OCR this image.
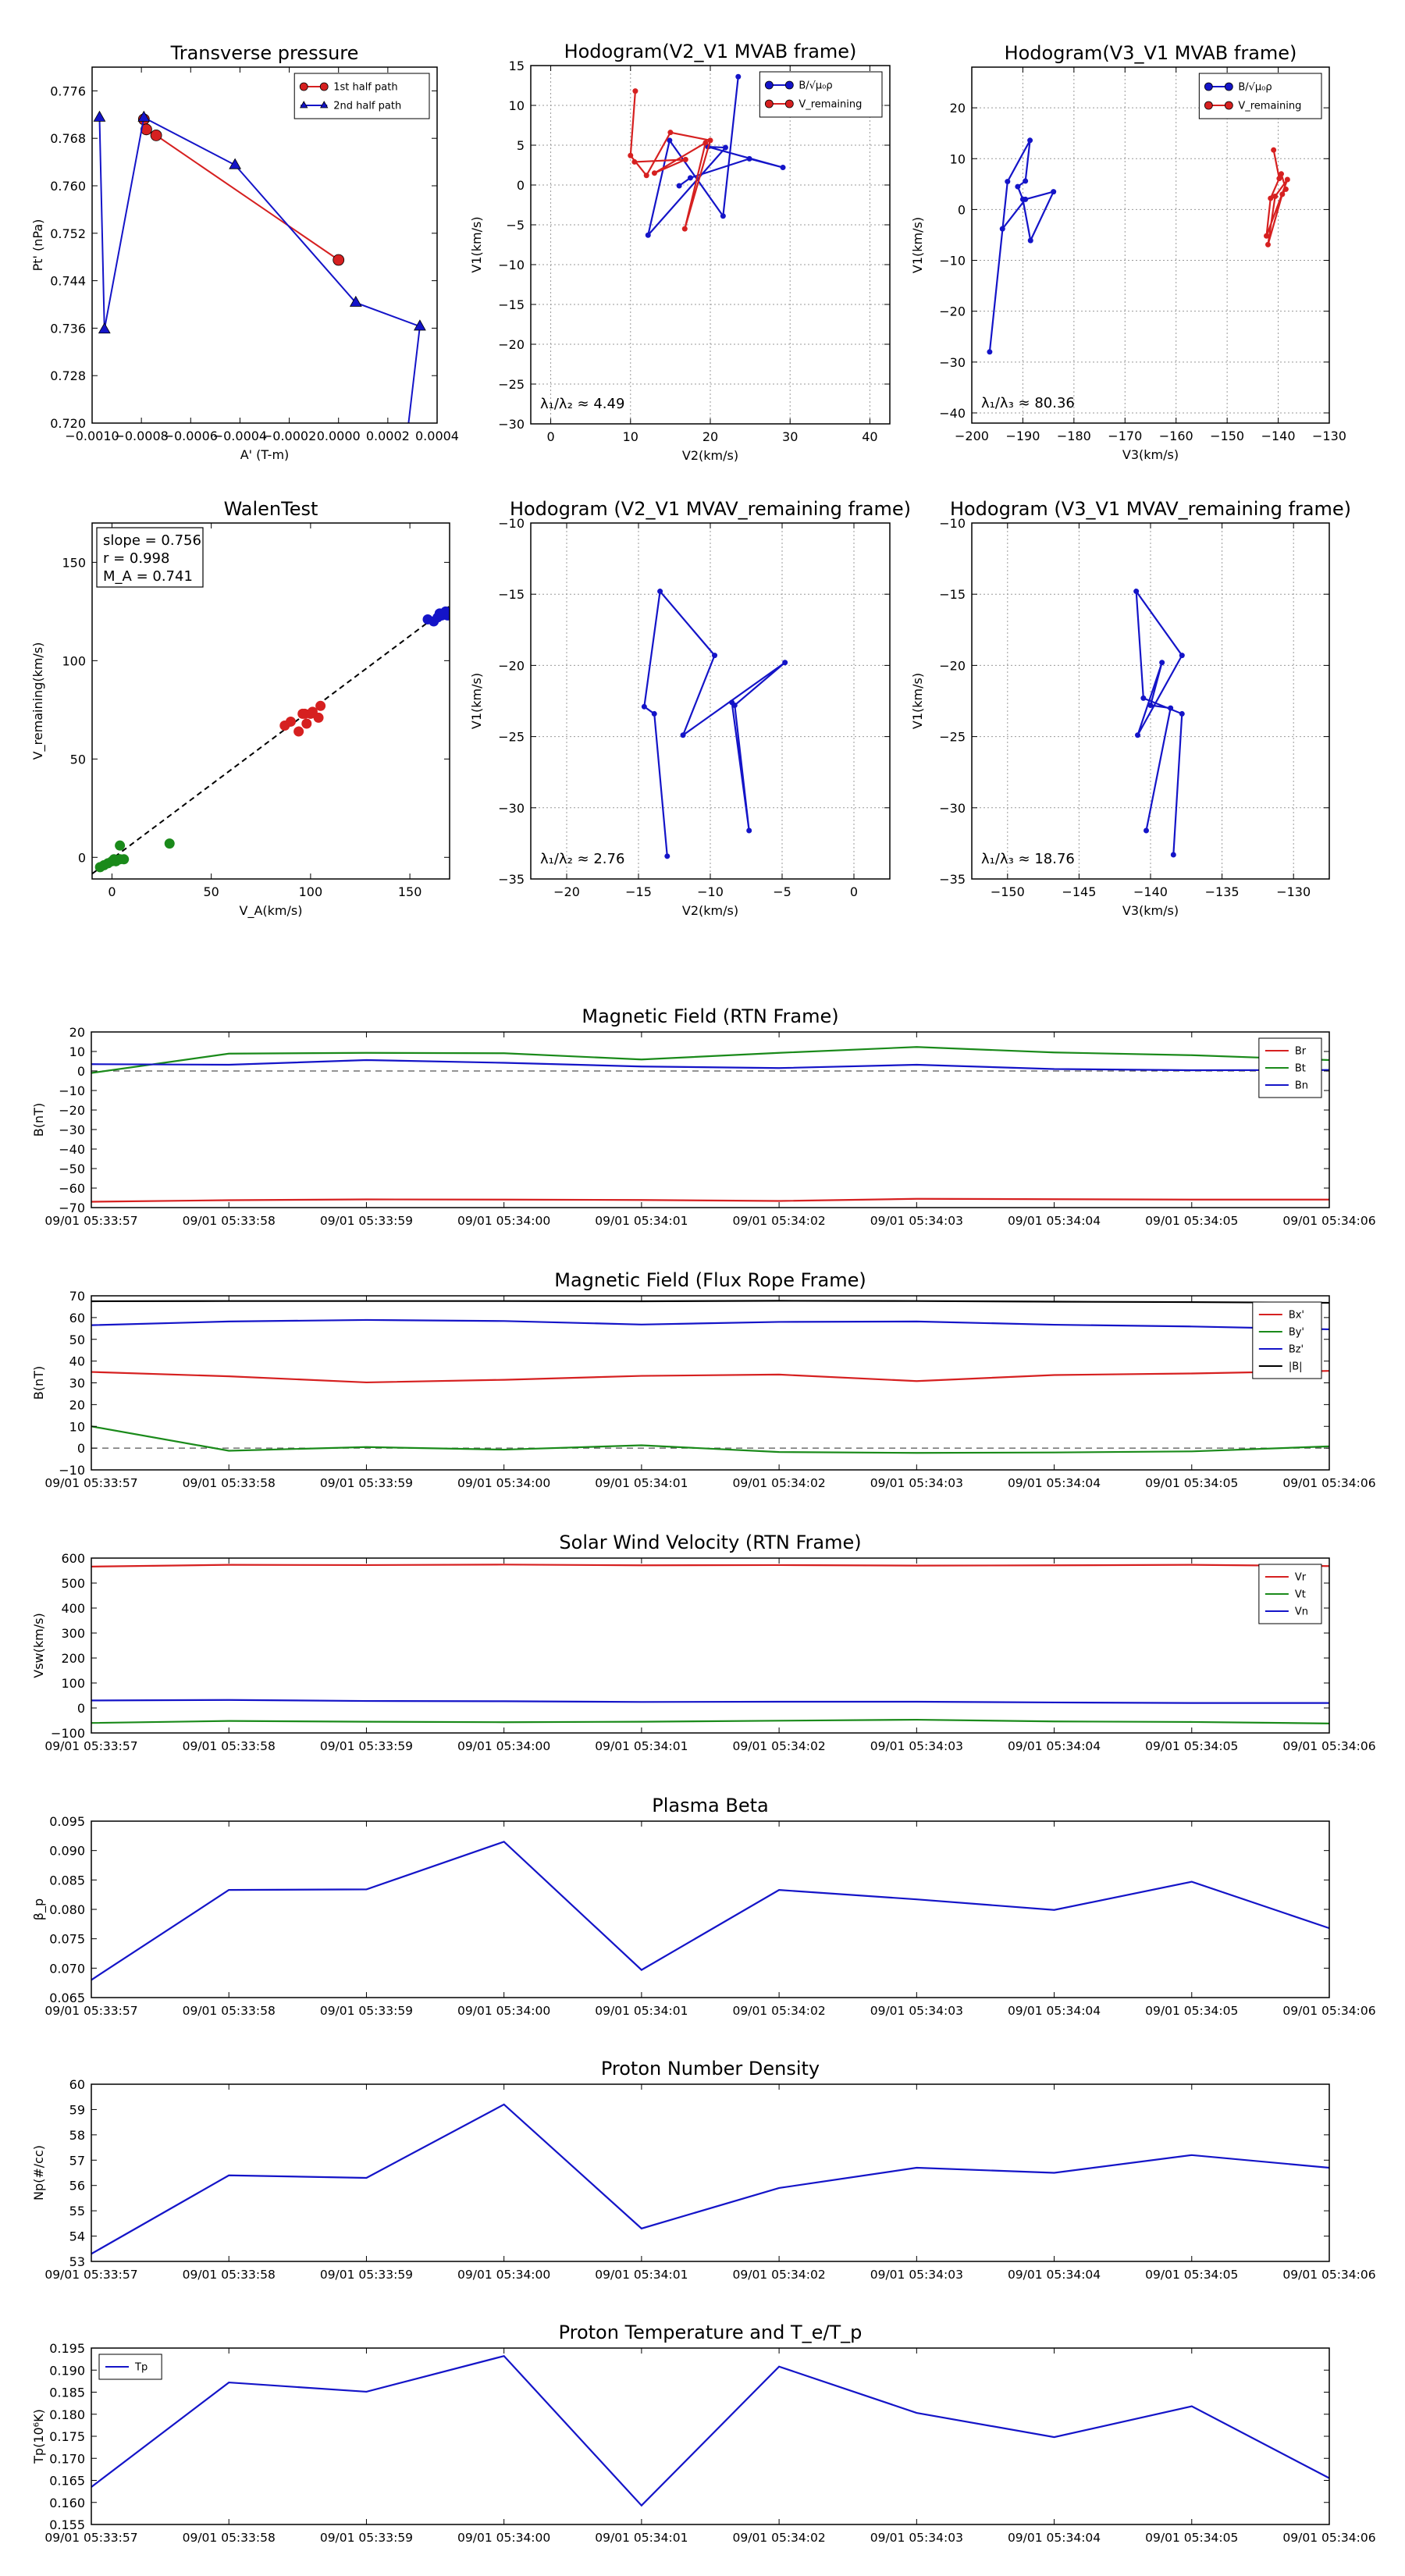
−0.0010
−0.0008
−0.0006
−0.0004
−0.0002 0.0000 0.0002 0.0004
0.720
0.728
0.736
0.744
0.752
0.760
0.768
0.776
Transverse pressure
A' (T-m)
Pt' (nPa)
1st half path
2nd half path
0	10	20	30	40
−30
−25
−20
−15
−10
−5
0
5
10
15
Hodogram(V2_V1 MVAB frame)
V2(km/s)
V1(km/s)
λ₁/λ₂ ≈ 4.49
B/√μ₀ρ
V_remaining
−200 −190 −180 −170 −160 −150 −140 −130
−40
−30
−20
−10
0
10
20
Hodogram(V3_V1 MVAB frame)
V3(km/s)
V1(km/s)
λ₁/λ₃ ≈ 80.36
B/√μ₀ρ
V_remaining
0	50	100	150
0
50
100
150
WalenTest
V_A(km/s)
V_remaining(km/s)
slope = 0.756
r = 0.998
M_A = 0.741
−20	−15	−10	−5	0
−35
−30
−25
−20
−15
−10
Hodogram (V2_V1 MVAV_remaining frame)
V2(km/s)
V1(km/s)
λ₁/λ₂ ≈ 2.76
−150	−145	−140	−135	−130
−35
−30
−25
−20
−15
−10
Hodogram (V3_V1 MVAV_remaining frame)
V3(km/s)
V1(km/s)
λ₁/λ₃ ≈ 18.76
09/01 05:33:57	09/01 05:33:58	09/01 05:33:59	09/01 05:34:00	09/01 05:34:01	09/01 05:34:02	09/01 05:34:03	09/01 05:34:04	09/01 05:34:05	09/01 05:34:06
−70
−60
−50
−40
−30
−20
−10
0
10
20
Magnetic Field (RTN Frame)
B(nT)
Br
Bt
Bn
09/01 05:33:57	09/01 05:33:58	09/01 05:33:59	09/01 05:34:00	09/01 05:34:01	09/01 05:34:02	09/01 05:34:03	09/01 05:34:04	09/01 05:34:05	09/01 05:34:06
−10
0
10
20
30
40
50
60
70
Magnetic Field (Flux Rope Frame)
B(nT)
Bx'
By'
Bz'
|B|
09/01 05:33:57	09/01 05:33:58	09/01 05:33:59	09/01 05:34:00	09/01 05:34:01	09/01 05:34:02	09/01 05:34:03	09/01 05:34:04	09/01 05:34:05	09/01 05:34:06
−100
0
100
200
300
400
500
600
Solar Wind Velocity (RTN Frame)
Vsw(km/s)
Vr
Vt
Vn
09/01 05:33:57	09/01 05:33:58	09/01 05:33:59	09/01 05:34:00	09/01 05:34:01	09/01 05:34:02	09/01 05:34:03	09/01 05:34:04	09/01 05:34:05	09/01 05:34:06
0.065
0.070
0.075
0.080
0.085
0.090
0.095
Plasma Beta
β_p
09/01 05:33:57	09/01 05:33:58	09/01 05:33:59	09/01 05:34:00	09/01 05:34:01	09/01 05:34:02	09/01 05:34:03	09/01 05:34:04	09/01 05:34:05	09/01 05:34:06
53
54
55
56
57
58
59
60
Proton Number Density
Np(#/cc)
09/01 05:33:57	09/01 05:33:58	09/01 05:33:59	09/01 05:34:00	09/01 05:34:01	09/01 05:34:02	09/01 05:34:03	09/01 05:34:04	09/01 05:34:05	09/01 05:34:06
0.155
0.160
0.165
0.170
0.175
0.180
0.185
0.190
0.195
Proton Temperature and T_e/T_p
Tp(10⁶K)
Tp
